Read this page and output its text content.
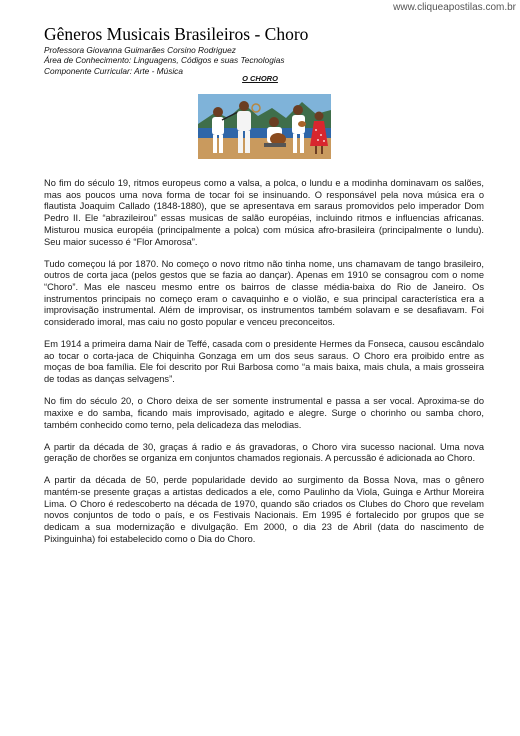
www.cliqueapostilas.com.br
Gêneros Musicais Brasileiros - Choro
Professora Giovanna Guimarães Corsino Rodriguez
Área de Conhecimento: Linguagens, Códigos e suas Tecnologias
Componente Curricular: Arte - Música
O CHORO

No fim do século 19, ritmos europeus como a valsa, a polca, o lundu e a modinha dominavam os salões, mas aos poucos uma nova forma de tocar foi se insinuando. O responsável pela nova música era o flautista Joaquim Callado (1848-1880), que se apresentava em saraus promovidos pelo imperador Dom Pedro II. Ele “abrazileirou” essas musicas de salão européias, incluindo ritmos e influencias africanas. Misturou musica européia (principalmente a polca) com música afro-brasileira (principalmente o lundu). Seu maior sucesso é “Flor Amorosa”.

Tudo começou lá por 1870. No começo o novo ritmo não tinha nome, uns chamavam de tango brasileiro, outros de corta jaca (pelos gestos que se fazia ao dançar). Apenas em 1910 se consagrou com o nome “Choro”. Mas ele nasceu mesmo entre os bairros de classe média-baixa do Rio de Janeiro. Os instrumentos principais no começo eram o cavaquinho e o violão, e sua principal característica era a improvisação instrumental. Além de improvisar, os instrumentos também solavam e se desafiavam. Foi considerado imoral, mas caiu no gosto popular e venceu preconceitos.

Em 1914 a primeira dama Nair de Teffé, casada com o presidente Hermes da Fonseca, causou escândalo ao tocar o corta-jaca de Chiquinha Gonzaga em um dos seus saraus. O Choro era proibido entre as moças de boa família. Ele foi descrito por Rui Barbosa como “a mais baixa, mais chula, a mais grosseira de todas as danças selvagens”.

No fim do século 20, o Choro deixa de ser somente instrumental e passa a ser vocal. Aproxima-se do maxixe e do samba, ficando mais improvisado, agitado e alegre. Surge o chorinho ou samba choro, também conhecido como terno, pela delicadeza das melodias.

A partir da década de 30, graças á radio e ás gravadoras, o Choro vira sucesso nacional. Uma nova geração de chorões se organiza em conjuntos chamados regionais. A percussão é adicionada ao Choro.

A partir da década de 50, perde popularidade devido ao surgimento da Bossa Nova, mas o gênero mantém-se presente graças a artistas dedicados a ele, como Paulinho da Viola, Guinga e Arthur Moreira Lima. O Choro é redescoberto na década de 1970, quando são criados os Clubes do Choro que revelam novos conjuntos de todo o país, e os Festivais Nacionais. Em 1995 é fortalecido por grupos que se dedicam a sua modernização e divulgação. Em 2000, o dia 23 de Abril (data do nascimento de Pixinguinha) foi estabelecido como o Dia do Choro.
